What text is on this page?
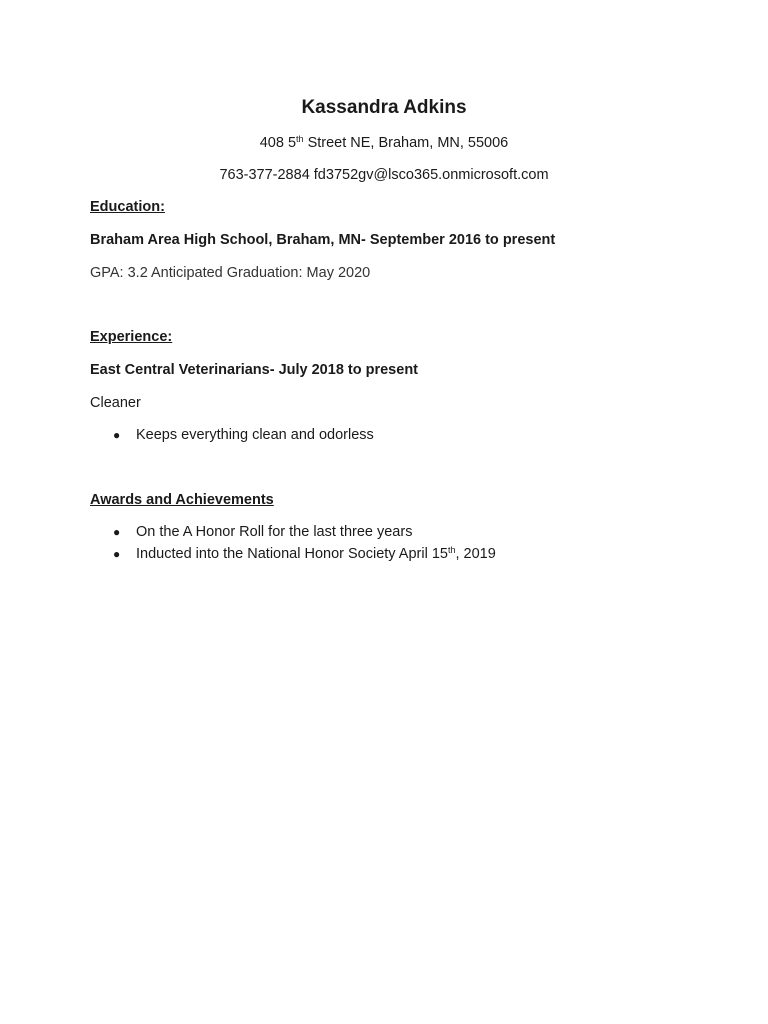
Kassandra Adkins
408 5th Street NE, Braham, MN, 55006
763-377-2884 fd3752gv@lsco365.onmicrosoft.com
Education:
Braham Area High School, Braham, MN- September 2016 to present
GPA: 3.2 Anticipated Graduation: May 2020
Experience:
East Central Veterinarians- July 2018 to present
Cleaner
● Keeps everything clean and odorless
Awards and Achievements
● On the A Honor Roll for the last three years
● Inducted into the National Honor Society April 15th, 2019
